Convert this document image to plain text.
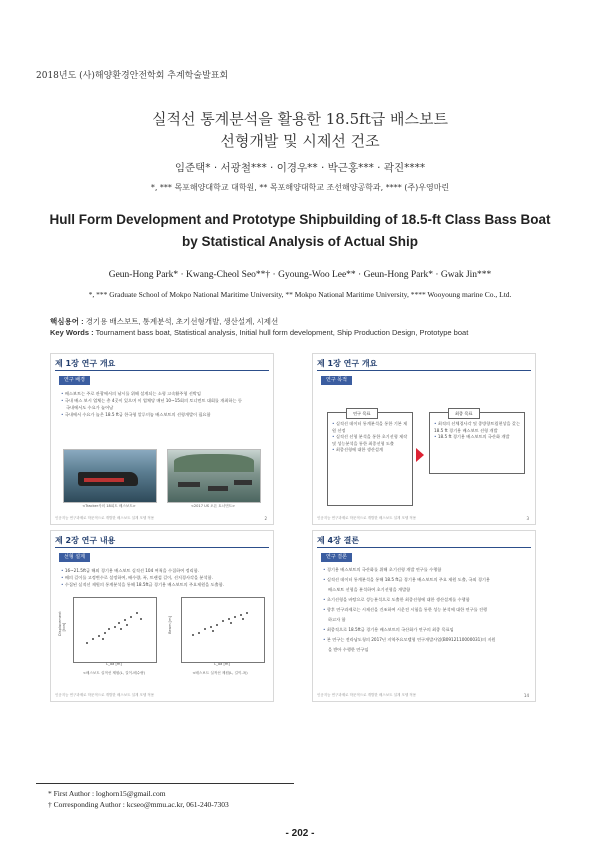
2018년도 (사)해양환경안전학회 추계학술발표회
실적선 통계분석을 활용한 18.5ft급 배스보트
선형개발 및 시제선 건조
임준택* · 서광철*** · 이경우** · 박근홍*** · 곽진****
*, *** 목포해양대학교 대학원, ** 목포해양대학교 조선해양공학과, **** (주)우영마린
Hull Form Development and Prototype Shipbuilding of 18.5-ft Class Bass Boat
by Statistical Analysis of Actual Ship
Geun-Hong Park* · Kwang-Cheol Seo**† · Gyoung-Woo Lee** · Geun-Hong Park* · Gwak Jin***
*, *** Graduate School of Mokpo National Maritime University, ** Mokpo National Maritime University, **** Wooyoung marine Co., Ltd.
핵심용어 : 경기용 배스보트, 통계분석, 초기선형개발, 생산설계, 시제선
Key Words : Tournament bass boat, Statistical analysis, Initial hull form development, Ship Production Design, Prototype boat
제 1장 연구 개요
연구 배경
• 배스보트는 주로 관광에서의 낚시를 위해 설계되는 소형 고속활주형 선박임
• 국내 배스 보시 업체는 총 4곳이 있으며 이 업체당 매년 10~15회의 토너먼트 대회를 개최하는 등
국내에서도 수요가 늘어남
• 국내에서 수요가 늘은 18.5 ft급 한국형 알루미늄 배스보트의 선형개발이 필요함
<Tracker사의 18피트 배스보트>	<2017 US 오픈 토너먼트>
인공지능 연구과제로 학문적으로 개발한 배스보트 설계 모델 적용	2
제 1장 연구 개요
연구 목적
연구 목표
• 실적선 데이터 통계분석을 통한 기본 제원 선정
• 실적선 선형 분석을 통한 초기선형 제작 및 성능분석을 통한 최종선형 도출
• 최종선형에 대한 생산설계
최종 목표
• 최적의 선체경사각 및 종방향트림현상을 갖는 18.5 ft 경기용 배스보트 선형 개발
• 18.5 ft 경기용 배스보트의 국산화 개발
인공지능 연구과제로 학문적으로 개발한 배스보트 설계 모델 적용	3
제 2장 연구 내용
선형 설계
• 16~21.5ft급 해외 경기용 배스보트 실적선 104 여척을 수집하여 정리함.
• 배의 길이를 고정변수로 설정하여, 배수량, 폭, 트랜섬 길이, 선저경사각을 분석함.
• 수집된 실적선 제원의 통계분석을 통해 18.5ft급 경기용 배스보트의 주요제원을 도출함.
Displacement [ton]	Beam [m]
L_oa [m]	L_oa [m]
<배스보트 실적선 제원(L, 길이-배수량)	<배스보트 실적선 제원(L, 길이-폭)
인공지능 연구과제로 학문적으로 개발한 배스보트 설계 모델 적용
제 4장 결론
연구 결론
• 경기용 배스보트의 국산화를 위해 초기선형 개발 연구를 수행함
• 실적선 데이터 통계분석을 통해 18.5 ft급 경기용 배스보트의 주요 제원 도출, 국외 경기용
배스보트 선형을 분석하여 초기선형을 개발함
• 초기선형을 바탕으로 성능분석으로 도출한 최종선형에 대한 생산설계를 수행함
• 향후 연구과제로는 시제선을 건조하여 시운전 시험을 통한 성능 분석에 대한 연구를 진행
하고자 함
• 최종적으로 18.5ft급 경기용 배스보트의 국산화가 연구의 최종 목표임
• 본 연구는 전라남도청의 2017년 지역주요모델형 연구개발사업(B0912110000031)의 지원
을 받아 수행한 연구임
인공지능 연구과제로 학문적으로 개발한 배스보트 설계 모델 적용	14
* First Author : loghorn15@gmail.com
† Corresponding Author : kcseo@mmu.ac.kr, 061-240-7303
- 202 -
